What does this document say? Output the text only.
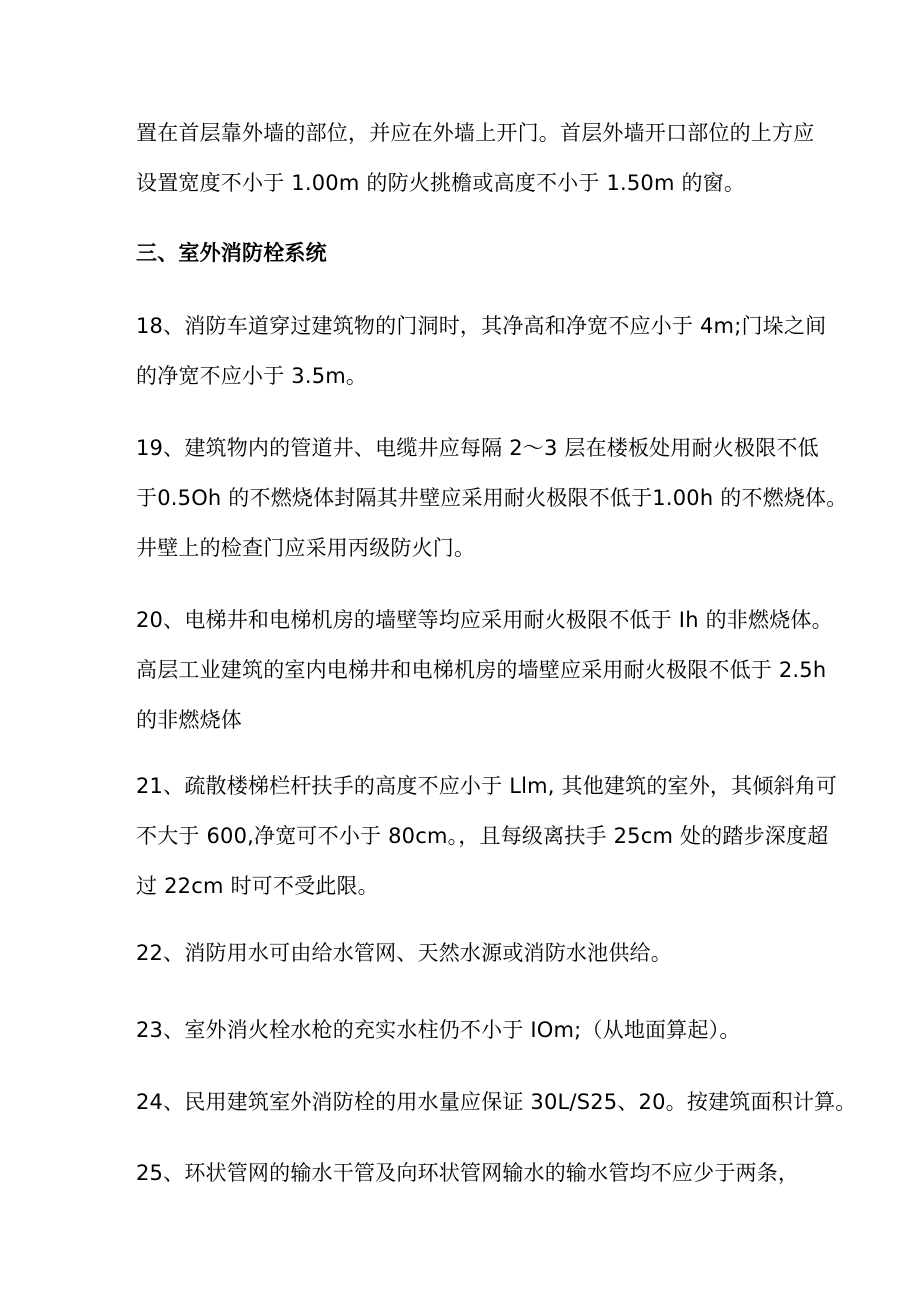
置在首层靠外墙的部位，并应在外墙上开门。首层外墙开口部位的上方应
设置宽度不小于 1.00m 的防火挑檐或高度不小于 1.50m 的窗。
三、室外消防栓系统
18、消防车道穿过建筑物的门洞时，其净高和净宽不应小于 4m;门垛之间
的净宽不应小于 3.5m。
19、建筑物内的管道井、电缆井应每隔 2～3 层在楼板处用耐火极限不低
于0.5Oh 的不燃烧体封隔其井壁应采用耐火极限不低于1.00h 的不燃烧体。
井壁上的检查门应采用丙级防火门。
20、电梯井和电梯机房的墙壁等均应采用耐火极限不低于 Ih 的非燃烧体。
高层工业建筑的室内电梯井和电梯机房的墙壁应采用耐火极限不低于 2.5h
的非燃烧体
21、疏散楼梯栏杆扶手的高度不应小于 Llm, 其他建筑的室外，其倾斜角可
不大于 600,净宽可不小于 80cm。，且每级离扶手 25cm 处的踏步深度超
过 22cm 时可不受此限。
22、消防用水可由给水管网、天然水源或消防水池供给。
23、室外消火栓水枪的充实水柱仍不小于 IOm;（从地面算起）。
24、民用建筑室外消防栓的用水量应保证 30L/S25、20。按建筑面积计算。
25、环状管网的输水干管及向环状管网输水的输水管均不应少于两条，
